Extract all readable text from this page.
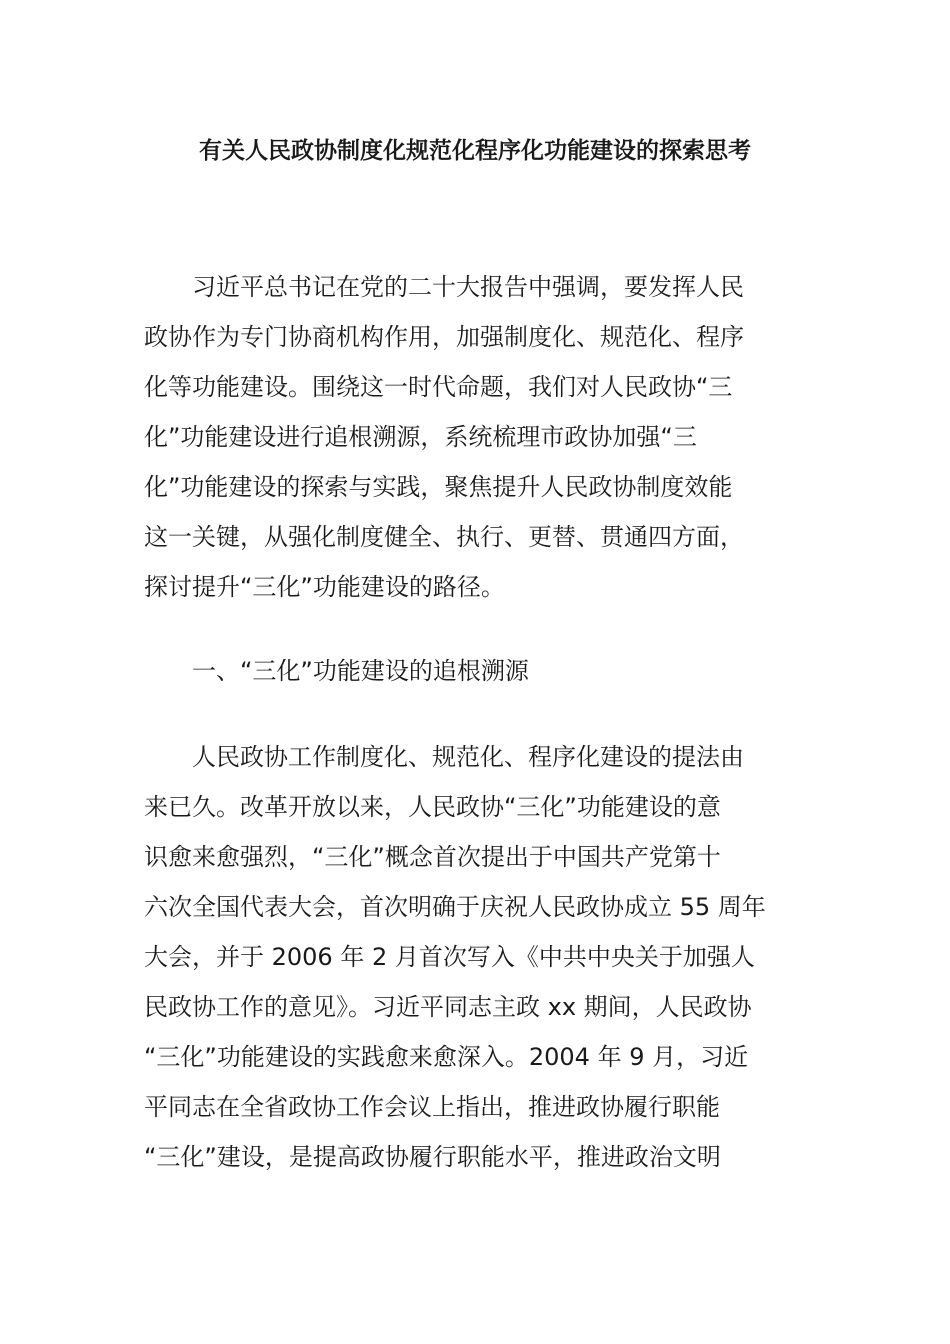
有关人民政协制度化规范化程序化功能建设的探索思考
　　习近平总书记在党的二十大报告中强调，要发挥人民
政协作为专门协商机构作用，加强制度化、规范化、程序
化等功能建设。围绕这一时代命题，我们对人民政协“三
化”功能建设进行追根溯源，系统梳理市政协加强“三
化”功能建设的探索与实践，聚焦提升人民政协制度效能
这一关键，从强化制度健全、执行、更替、贯通四方面，
探讨提升“三化”功能建设的路径。
　　一、“三化”功能建设的追根溯源
　　人民政协工作制度化、规范化、程序化建设的提法由
来已久。改革开放以来，人民政协“三化”功能建设的意
识愈来愈强烈，“三化”概念首次提出于中国共产党第十
六次全国代表大会，首次明确于庆祝人民政协成立 55 周年
大会，并于 2006 年 2 月首次写入《中共中央关于加强人
民政协工作的意见》。习近平同志主政 xx 期间，人民政协
“三化”功能建设的实践愈来愈深入。2004 年 9 月，习近
平同志在全省政协工作会议上指出，推进政协履行职能
“三化”建设，是提高政协履行职能水平，推进政治文明
